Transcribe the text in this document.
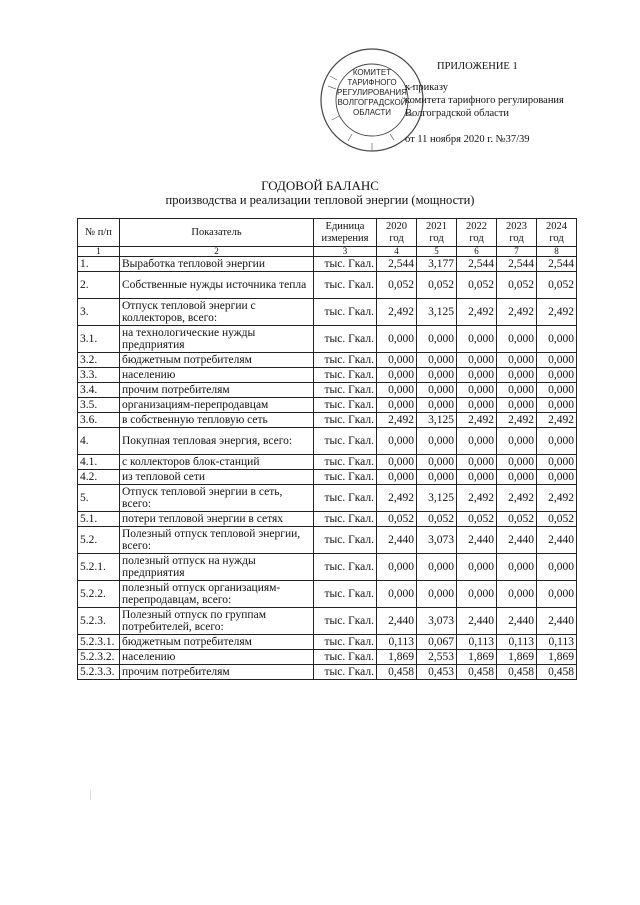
КОМИТЕТ
ТАРИФНОГО
РЕГУЛИРОВАНИЯ
ВОЛГОГРАДСКОЙ
ОБЛАСТИ
ПРИЛОЖЕНИЕ 1
к приказу
комитета тарифного регулирования
Волгоградской области
от 11 ноября 2020 г. №37/39
ГОДОВОЙ БАЛАНС
производства и реализации тепловой энергии (мощности)
№ п/п	Показатель	Единица измерения	2020 год	2021 год	2022 год	2023 год	2024 год
1	2	3	4	5	6	7	8
1.	Выработка тепловой энергии	тыс. Гкал.	2,544	3,177	2,544	2,544	2,544
2.	Собственные нужды источника тепла	тыс. Гкал.	0,052	0,052	0,052	0,052	0,052
3.	Отпуск тепловой энергии с коллекторов, всего:	тыс. Гкал.	2,492	3,125	2,492	2,492	2,492
3.1.	на технологические нужды предприятия	тыс. Гкал.	0,000	0,000	0,000	0,000	0,000
3.2.	бюджетным потребителям	тыс. Гкал.	0,000	0,000	0,000	0,000	0,000
3.3.	населению	тыс. Гкал.	0,000	0,000	0,000	0,000	0,000
3.4.	прочим потребителям	тыс. Гкал.	0,000	0,000	0,000	0,000	0,000
3.5.	организациям-перепродавцам	тыс. Гкал.	0,000	0,000	0,000	0,000	0,000
3.6.	в собственную тепловую сеть	тыс. Гкал.	2,492	3,125	2,492	2,492	2,492
4.	Покупная тепловая энергия, всего:	тыс. Гкал.	0,000	0,000	0,000	0,000	0,000
4.1.	с коллекторов блок-станций	тыс. Гкал.	0,000	0,000	0,000	0,000	0,000
4.2.	из тепловой сети	тыс. Гкал.	0,000	0,000	0,000	0,000	0,000
5.	Отпуск тепловой энергии в сеть, всего:	тыс. Гкал.	2,492	3,125	2,492	2,492	2,492
5.1.	потери тепловой энергии в сетях	тыс. Гкал.	0,052	0,052	0,052	0,052	0,052
5.2.	Полезный отпуск тепловой энергии, всего:	тыс. Гкал.	2,440	3,073	2,440	2,440	2,440
5.2.1.	полезный отпуск на нужды предприятия	тыс. Гкал.	0,000	0,000	0,000	0,000	0,000
5.2.2.	полезный отпуск организациям-перепродавцам, всего:	тыс. Гкал.	0,000	0,000	0,000	0,000	0,000
5.2.3.	Полезный отпуск по группам потребителей, всего:	тыс. Гкал.	2,440	3,073	2,440	2,440	2,440
5.2.3.1.	бюджетным потребителям	тыс. Гкал.	0,113	0,067	0,113	0,113	0,113
5.2.3.2.	населению	тыс. Гкал.	1,869	2,553	1,869	1,869	1,869
5.2.3.3.	прочим потребителям	тыс. Гкал.	0,458	0,453	0,458	0,458	0,458
